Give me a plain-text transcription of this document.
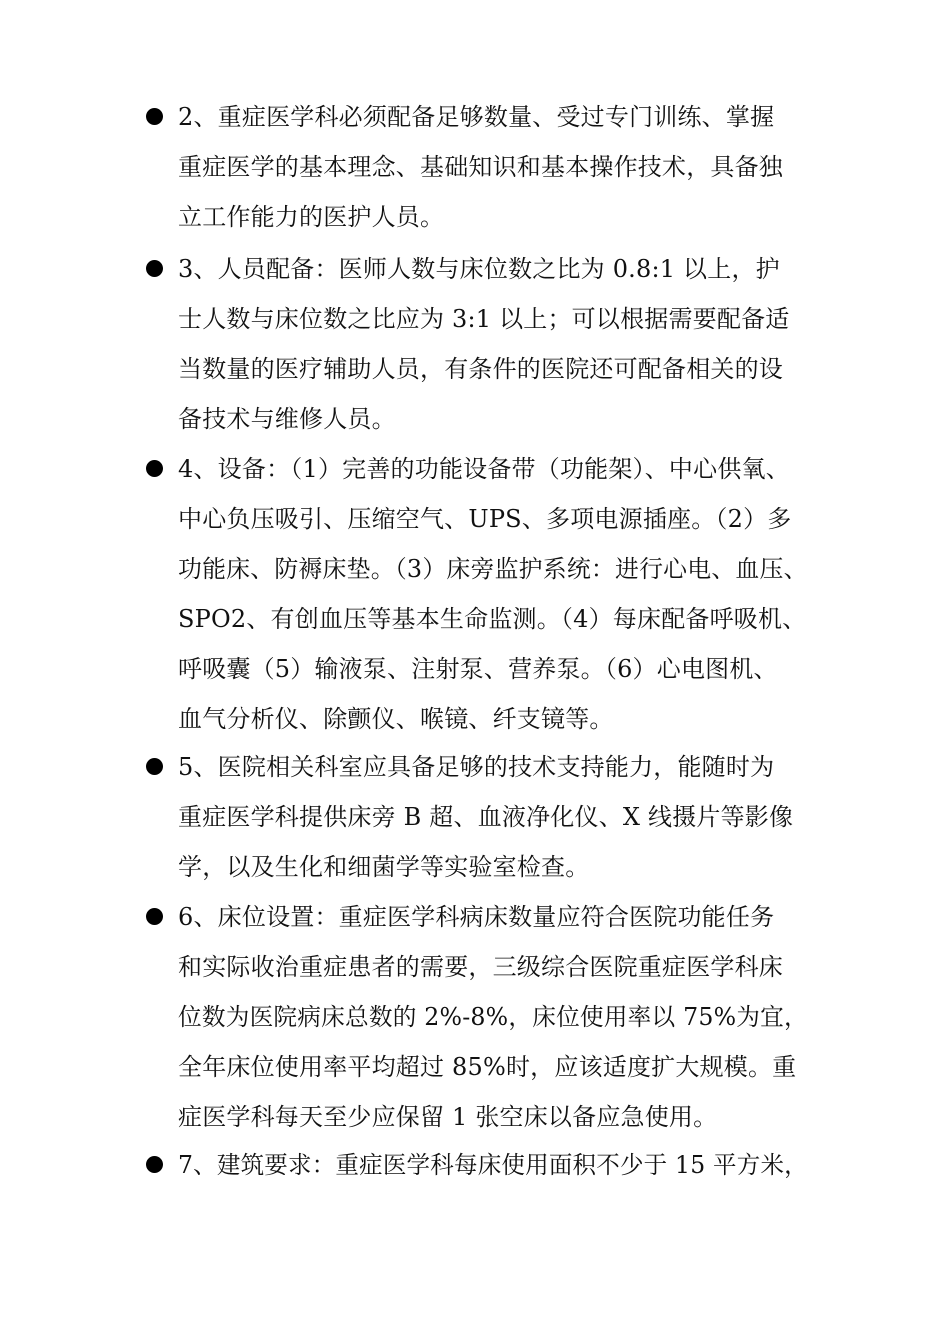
2、重症医学科必须配备足够数量、受过专门训练、掌握
重症医学的基本理念、基础知识和基本操作技术，具备独
立工作能力的医护人员。
3、人员配备：医师人数与床位数之比为 0.8:1 以上，护
士人数与床位数之比应为 3:1 以上；可以根据需要配备适
当数量的医疗辅助人员，有条件的医院还可配备相关的设
备技术与维修人员。
4、设备：（1）完善的功能设备带（功能架）、中心供氧、
中心负压吸引、压缩空气、UPS、多项电源插座。（2）多
功能床、防褥床垫。（3）床旁监护系统：进行心电、血压、
SPO2、有创血压等基本生命监测。（4）每床配备呼吸机、
呼吸囊（5）输液泵、注射泵、营养泵。（6）心电图机、
血气分析仪、除颤仪、喉镜、纤支镜等。
5、医院相关科室应具备足够的技术支持能力，能随时为
重症医学科提供床旁 B 超、血液净化仪、X 线摄片等影像
学，以及生化和细菌学等实验室检查。
6、床位设置：重症医学科病床数量应符合医院功能任务
和实际收治重症患者的需要，三级综合医院重症医学科床
位数为医院病床总数的 2%-8%，床位使用率以 75%为宜，
全年床位使用率平均超过 85%时，应该适度扩大规模。重
症医学科每天至少应保留 1 张空床以备应急使用。
7、建筑要求：重症医学科每床使用面积不少于 15 平方米，
